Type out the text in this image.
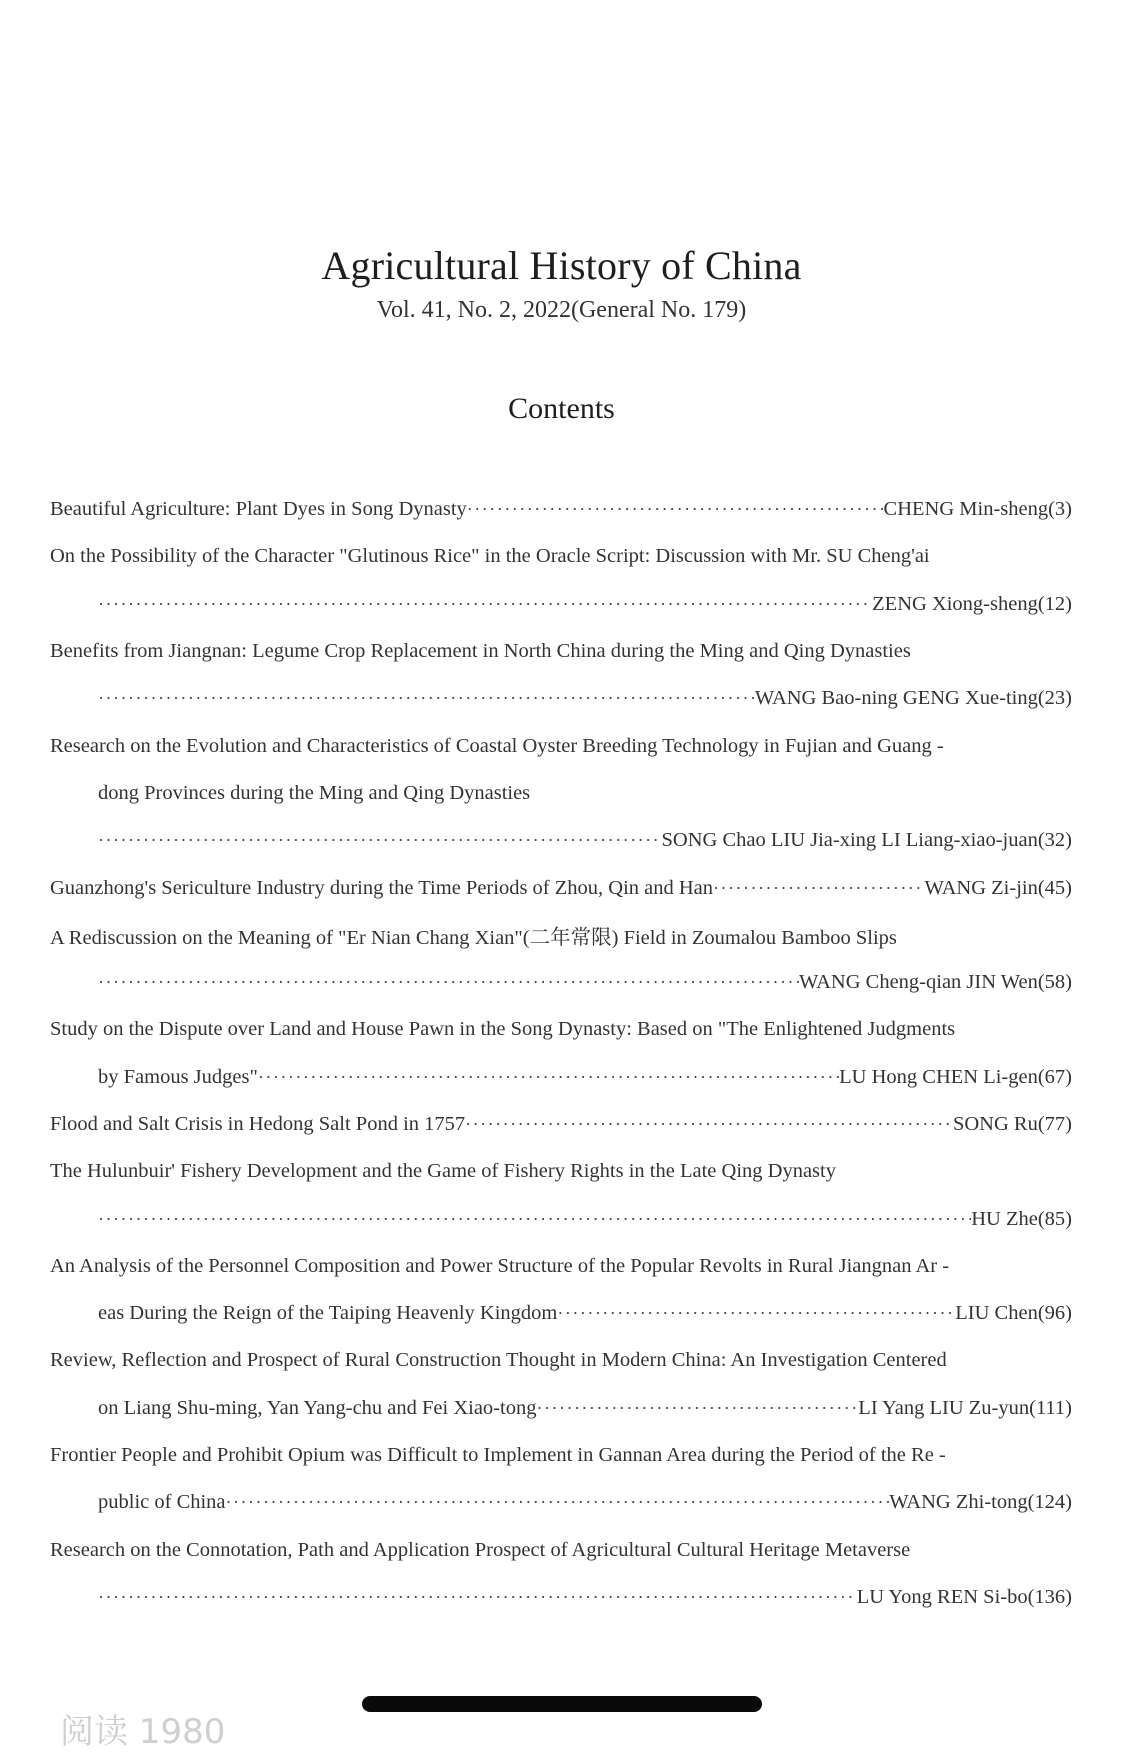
Agricultural History of China
Vol. 41, No. 2, 2022(General No. 179)
Contents
Beautiful Agriculture: Plant Dyes in Song Dynasty ·····	CHENG Min-sheng(3)
On the Possibility of the Character "Glutinous Rice" in the Oracle Script: Discussion with Mr. SU Cheng'ai
·····
ZENG Xiong-sheng(12)
Benefits from Jiangnan: Legume Crop Replacement in North China during the Ming and Qing Dynasties
·····
WANG Bao-ning GENG Xue-ting(23)
Research on the Evolution and Characteristics of Coastal Oyster Breeding Technology in Fujian and Guang -
dong Provinces during the Ming and Qing Dynasties
·····
SONG Chao LIU Jia-xing LI Liang-xiao-juan(32)
Guanzhong's Sericulture Industry during the Time Periods of Zhou, Qin and Han ·····	WANG Zi-jin(45)
A Rediscussion on the Meaning of "Er Nian Chang Xian"(二年常限) Field in Zoumalou Bamboo Slips
·····
WANG Cheng-qian JIN Wen(58)
Study on the Dispute over Land and House Pawn in the Song Dynasty: Based on "The Enlightened Judgments
by Famous Judges" ·····	LU Hong CHEN Li-gen(67)
Flood and Salt Crisis in Hedong Salt Pond in 1757 ·····	SONG Ru(77)
The Hulunbuir' Fishery Development and the Game of Fishery Rights in the Late Qing Dynasty
·····
HU Zhe(85)
An Analysis of the Personnel Composition and Power Structure of the Popular Revolts in Rural Jiangnan Ar -
eas During the Reign of the Taiping Heavenly Kingdom ·····	LIU Chen(96)
Review, Reflection and Prospect of Rural Construction Thought in Modern China: An Investigation Centered
on Liang Shu-ming, Yan Yang-chu and Fei Xiao-tong ·····	LI Yang LIU Zu-yun(111)
Frontier People and Prohibit Opium was Difficult to Implement in Gannan Area during the Period of the Re -
public of China ·····	WANG Zhi-tong(124)
Research on the Connotation, Path and Application Prospect of Agricultural Cultural Heritage Metaverse
·····
LU Yong REN Si-bo(136)
阅读 1980
